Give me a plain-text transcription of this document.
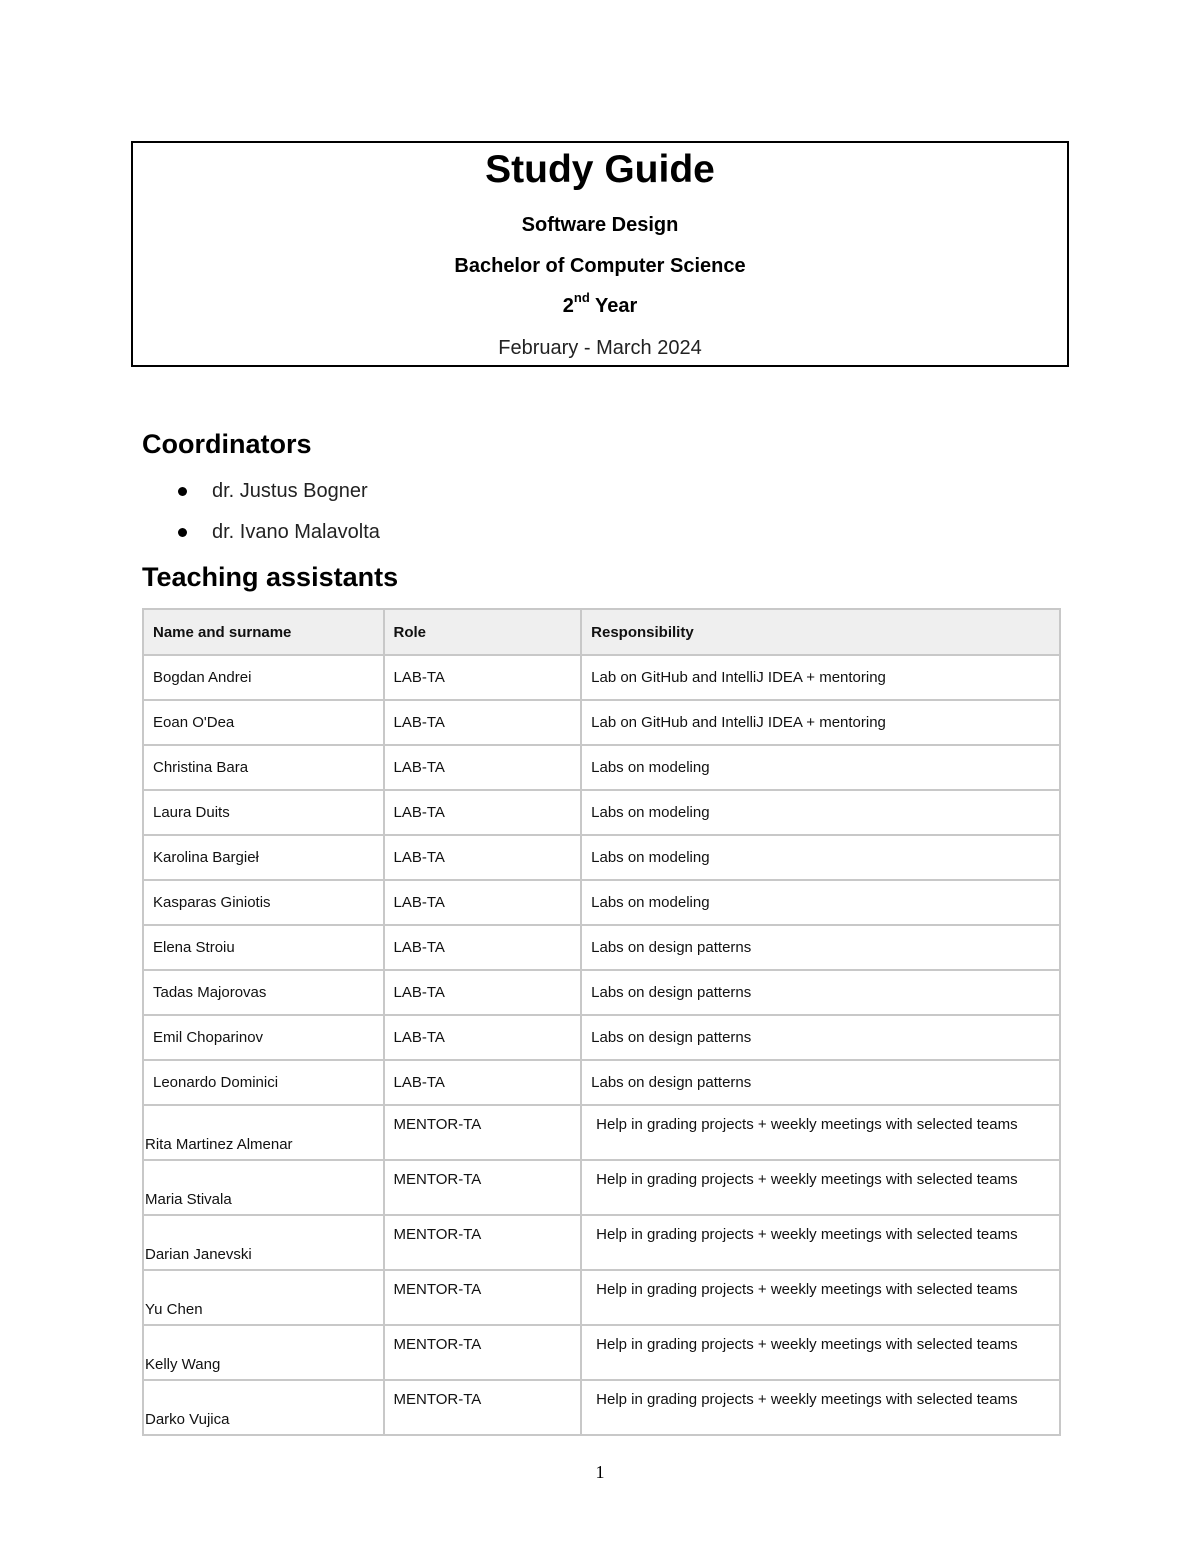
Study Guide
Software Design
Bachelor of Computer Science
2nd Year
February - March 2024
Coordinators
dr. Justus Bogner
dr. Ivano Malavolta
Teaching assistants
Name and surname	Role	Responsibility
Bogdan Andrei	LAB-TA	Lab on GitHub and IntelliJ IDEA + mentoring
Eoan O'Dea	LAB-TA	Lab on GitHub and IntelliJ IDEA + mentoring
Christina Bara	LAB-TA	Labs on modeling
Laura Duits	LAB-TA	Labs on modeling
Karolina Bargieł	LAB-TA	Labs on modeling
Kasparas Giniotis	LAB-TA	Labs on modeling
Elena Stroiu	LAB-TA	Labs on design patterns
Tadas Majorovas	LAB-TA	Labs on design patterns
Emil Choparinov	LAB-TA	Labs on design patterns
Leonardo Dominici	LAB-TA	Labs on design patterns
Rita Martinez Almenar	MENTOR-TA	Help in grading projects + weekly meetings with selected teams
Maria Stivala	MENTOR-TA	Help in grading projects + weekly meetings with selected teams
Darian Janevski	MENTOR-TA	Help in grading projects + weekly meetings with selected teams
Yu Chen	MENTOR-TA	Help in grading projects + weekly meetings with selected teams
Kelly Wang	MENTOR-TA	Help in grading projects + weekly meetings with selected teams
Darko Vujica	MENTOR-TA	Help in grading projects + weekly meetings with selected teams
1
